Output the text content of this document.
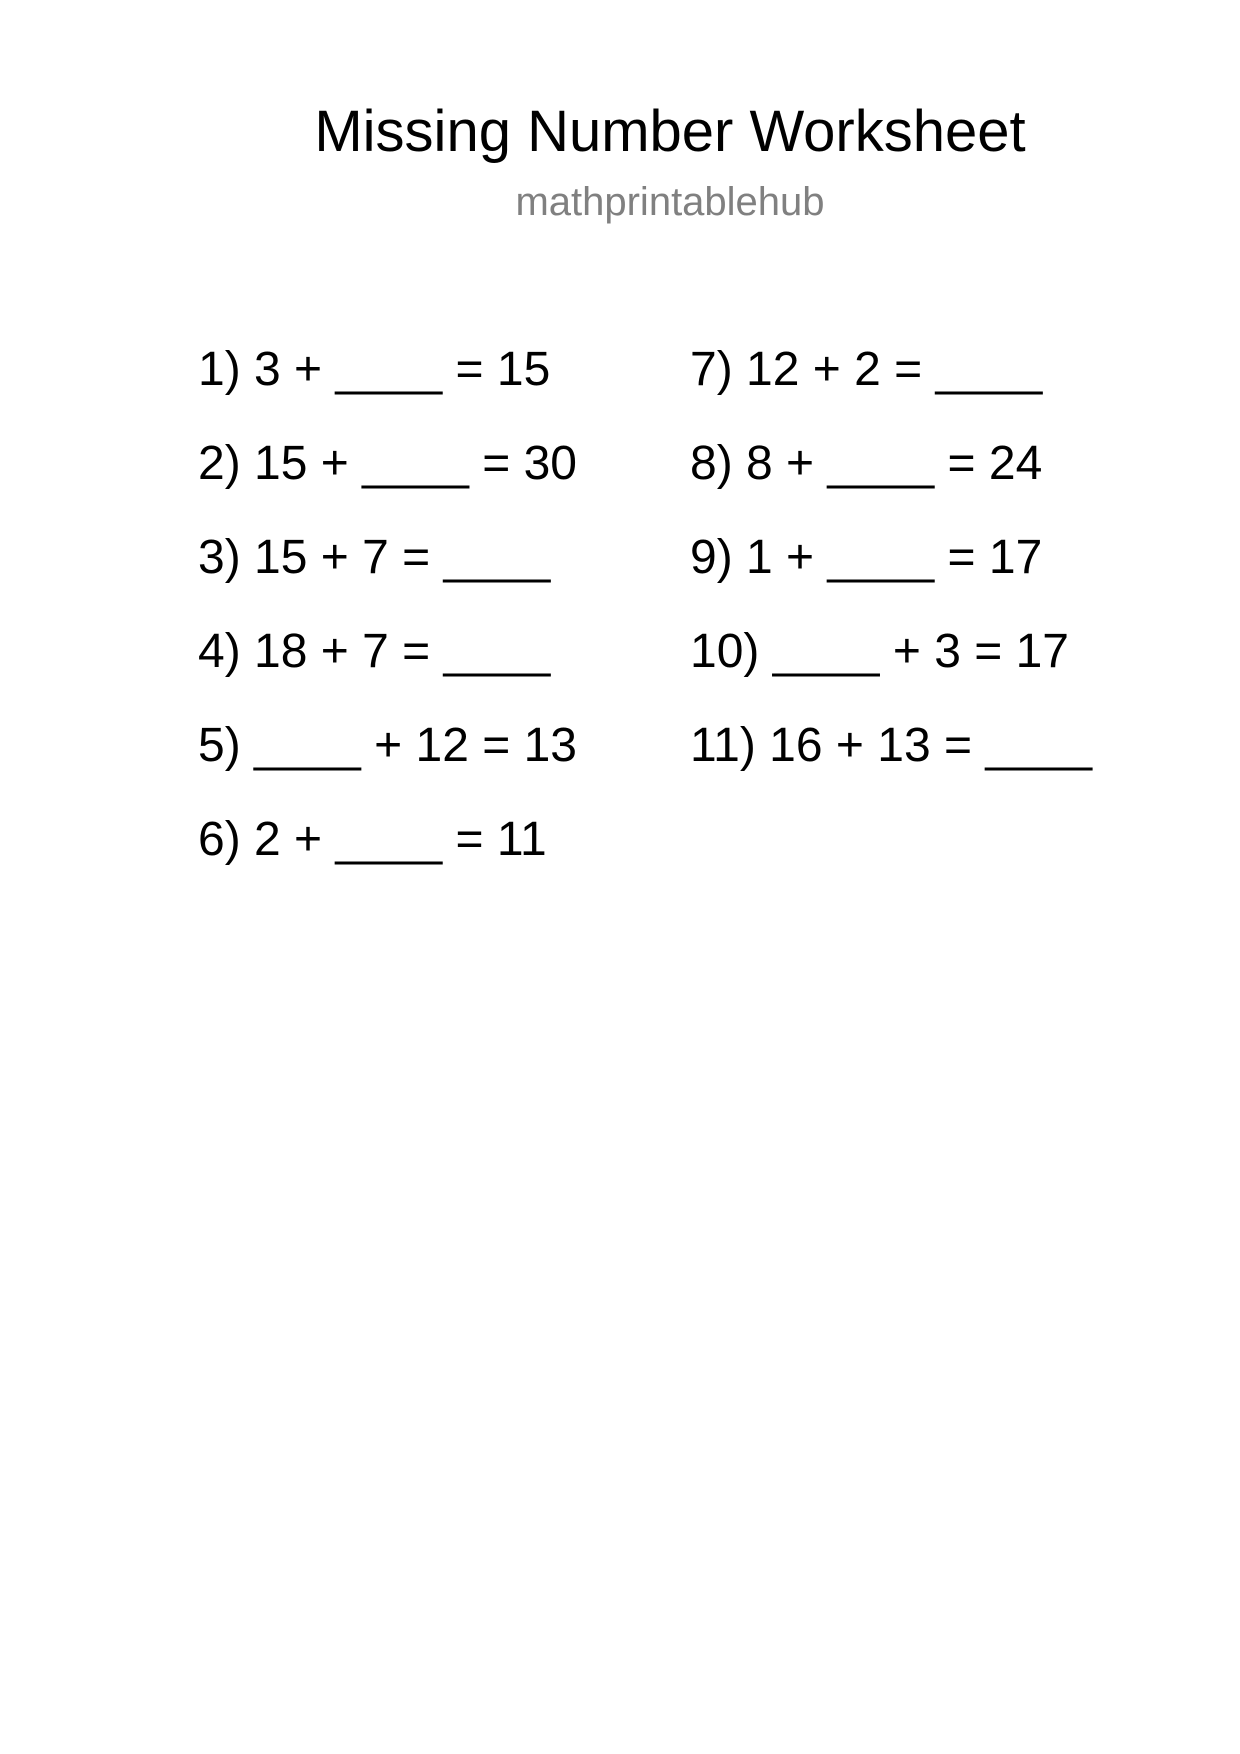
Missing Number Worksheet
mathprintablehub
1) 3 + ____ = 15
2) 15 + ____ = 30
3) 15 + 7 = ____
4) 18 + 7 = ____
5) ____ + 12 = 13
6) 2 + ____ = 11
7) 12 + 2 = ____
8) 8 + ____ = 24
9) 1 + ____ = 17
10) ____ + 3 = 17
11) 16 + 13 = ____
